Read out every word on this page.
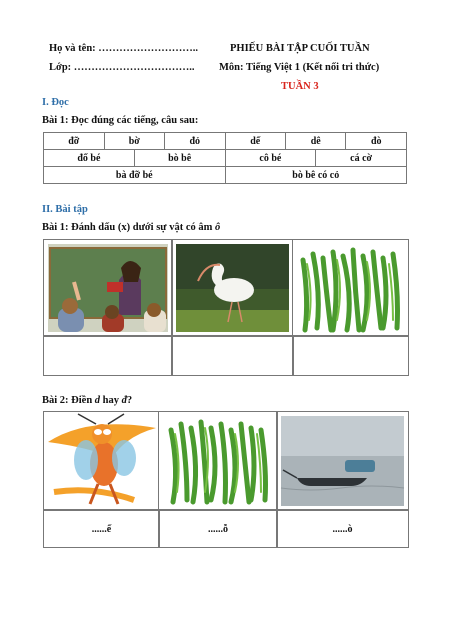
Họ và tên: ………………………..	PHIẾU BÀI TẬP CUỐI TUẦN
Lớp: …………………………….. Môn: Tiếng Việt 1 (Kết nối tri thức)
TUẦN 3
I. Đọc
Bài 1: Đọc đúng các tiếng, câu sau:
đỡ	bờ		đỏ	dế	dê		đò
đổ bé		bò bê		cô bé		cá cờ	
bà đỡ bé				bò bê có cỏ			
II. Bài tập
Bài 1: Đánh dấu (x) dưới sự vật có âm ô
Bài 2: Điền d hay đ?
......ế	......ỗ	......ò
